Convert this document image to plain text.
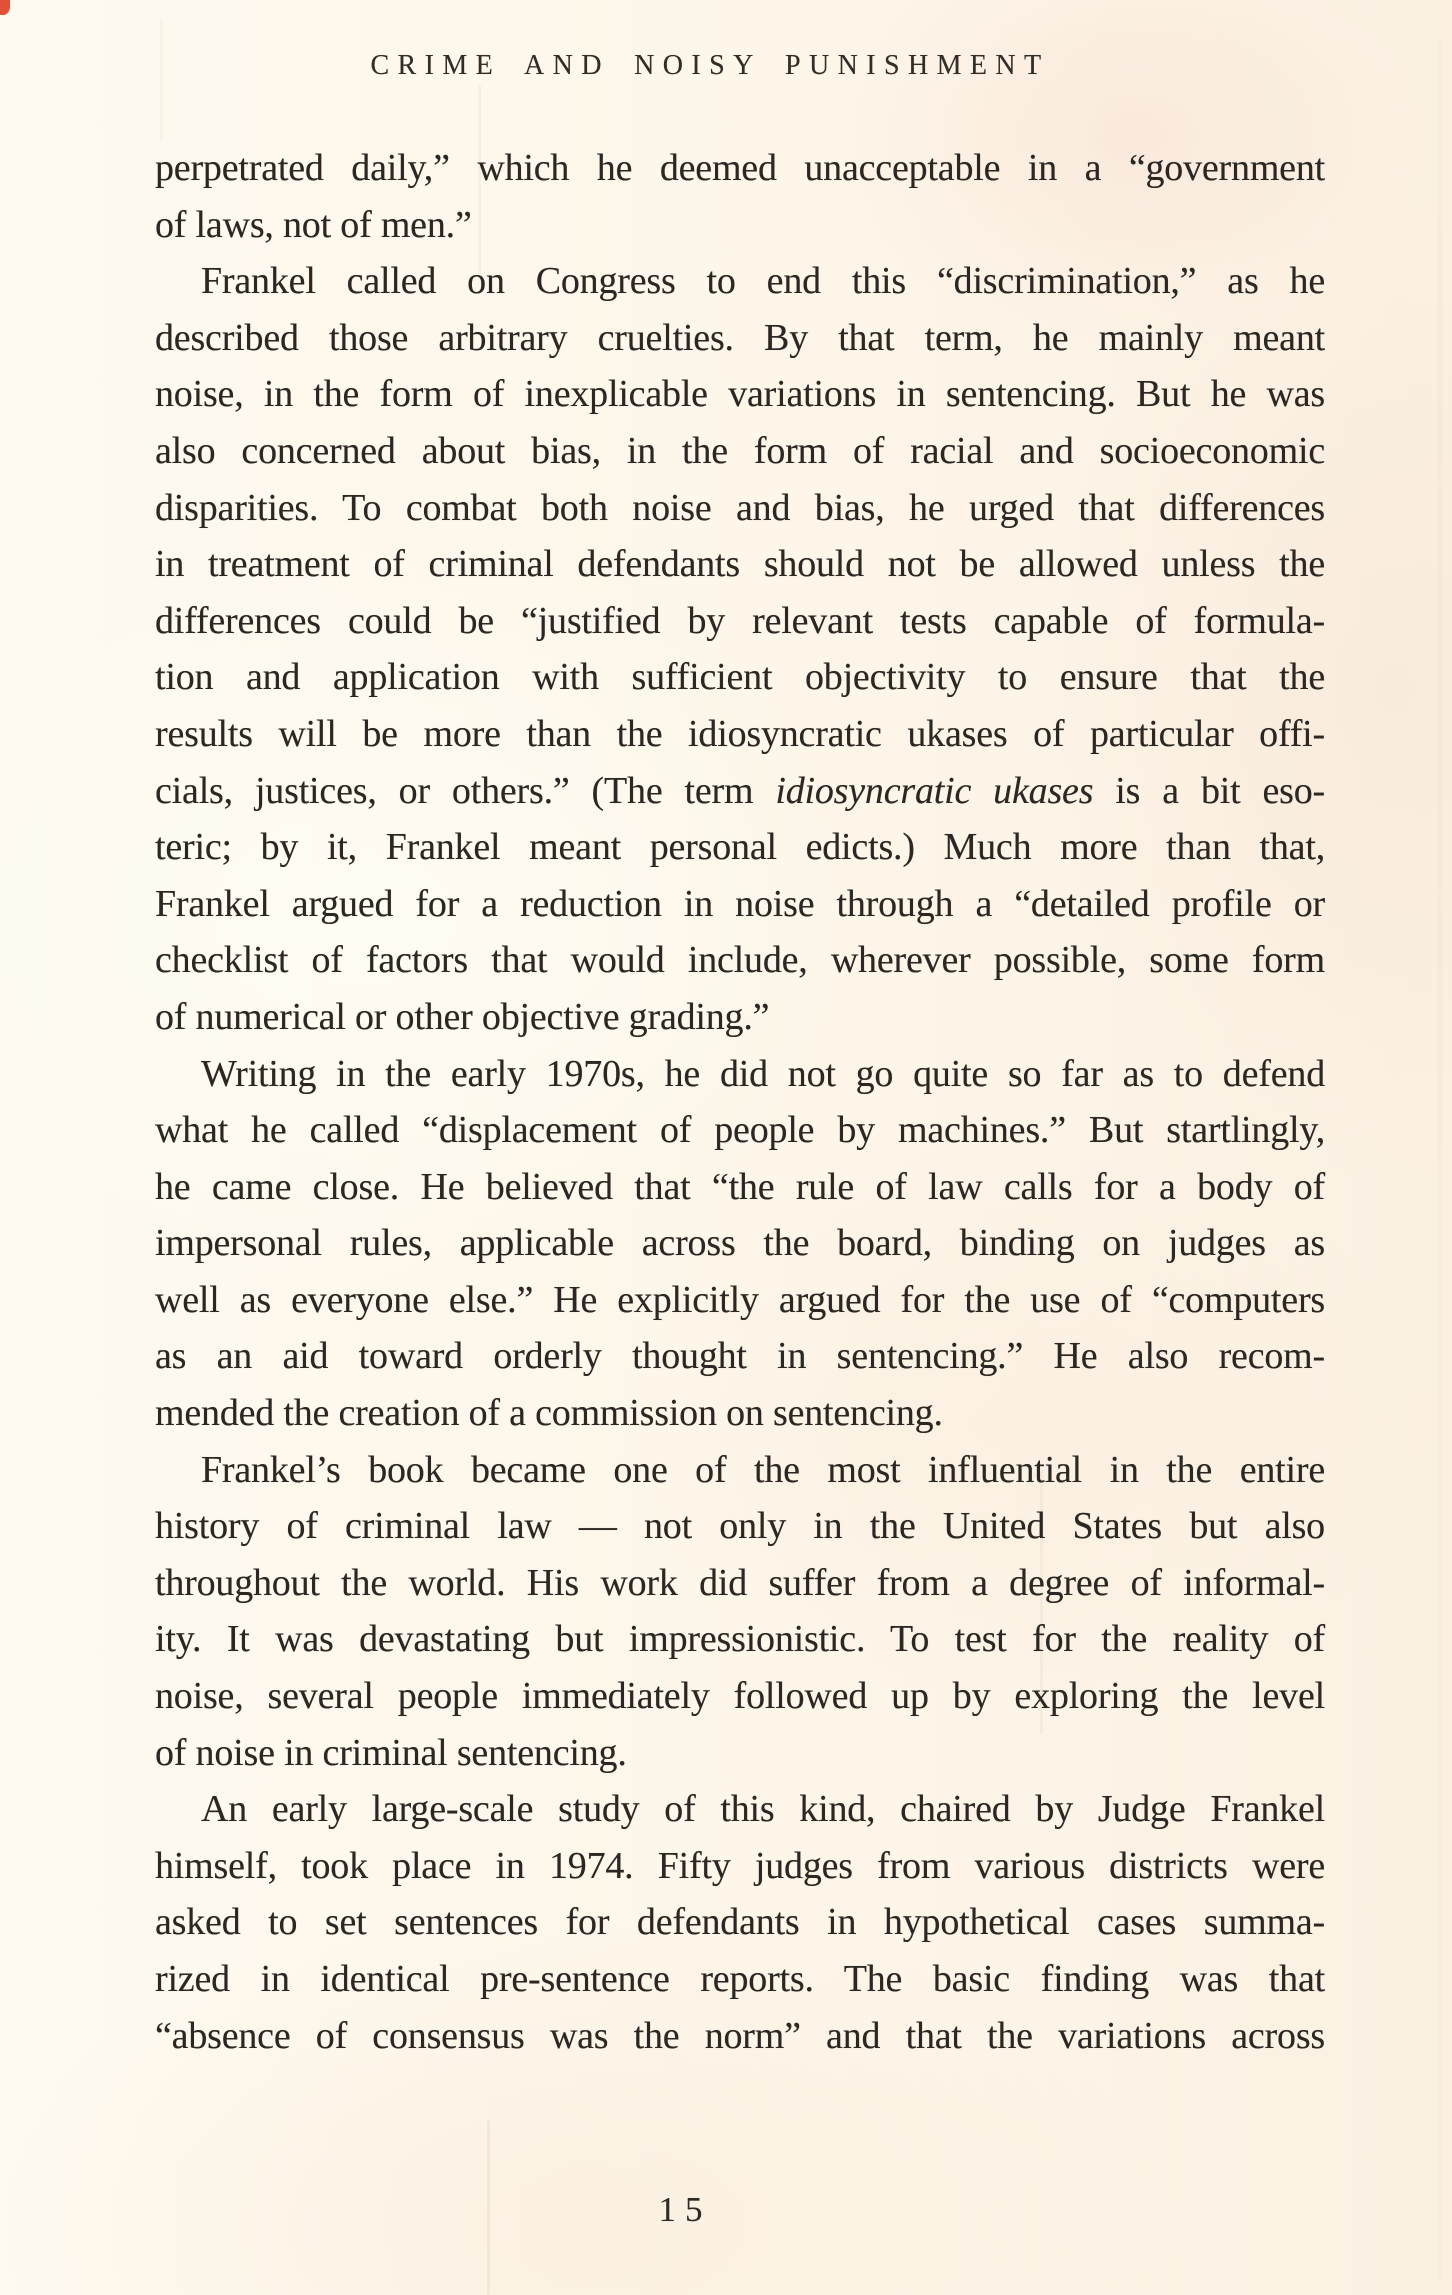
CRIME AND NOISY PUNISHMENT
perpetrated daily,” which he deemed unacceptable in a “government
of laws, not of men.”
Frankel called on Congress to end this “discrimination,” as he
described those arbitrary cruelties. By that term, he mainly meant
noise, in the form of inexplicable variations in sentencing. But he was
also concerned about bias, in the form of racial and socioeconomic
disparities. To combat both noise and bias, he urged that differences
in treatment of criminal defendants should not be allowed unless the
differences could be “justified by relevant tests capable of formula-
tion and application with sufficient objectivity to ensure that the
results will be more than the idiosyncratic ukases of particular offi-
cials, justices, or others.” (The term idiosyncratic ukases is a bit eso-
teric; by it, Frankel meant personal edicts.) Much more than that,
Frankel argued for a reduction in noise through a “detailed profile or
checklist of factors that would include, wherever possible, some form
of numerical or other objective grading.”
Writing in the early 1970s, he did not go quite so far as to defend
what he called “displacement of people by machines.” But startlingly,
he came close. He believed that “the rule of law calls for a body of
impersonal rules, applicable across the board, binding on judges as
well as everyone else.” He explicitly argued for the use of “computers
as an aid toward orderly thought in sentencing.” He also recom-
mended the creation of a commission on sentencing.
Frankel’s book became one of the most influential in the entire
history of criminal law — not only in the United States but also
throughout the world. His work did suffer from a degree of informal-
ity. It was devastating but impressionistic. To test for the reality of
noise, several people immediately followed up by exploring the level
of noise in criminal sentencing.
An early large-scale study of this kind, chaired by Judge Frankel
himself, took place in 1974. Fifty judges from various districts were
asked to set sentences for defendants in hypothetical cases summa-
rized in identical pre-sentence reports. The basic finding was that
“absence of consensus was the norm” and that the variations across
15
